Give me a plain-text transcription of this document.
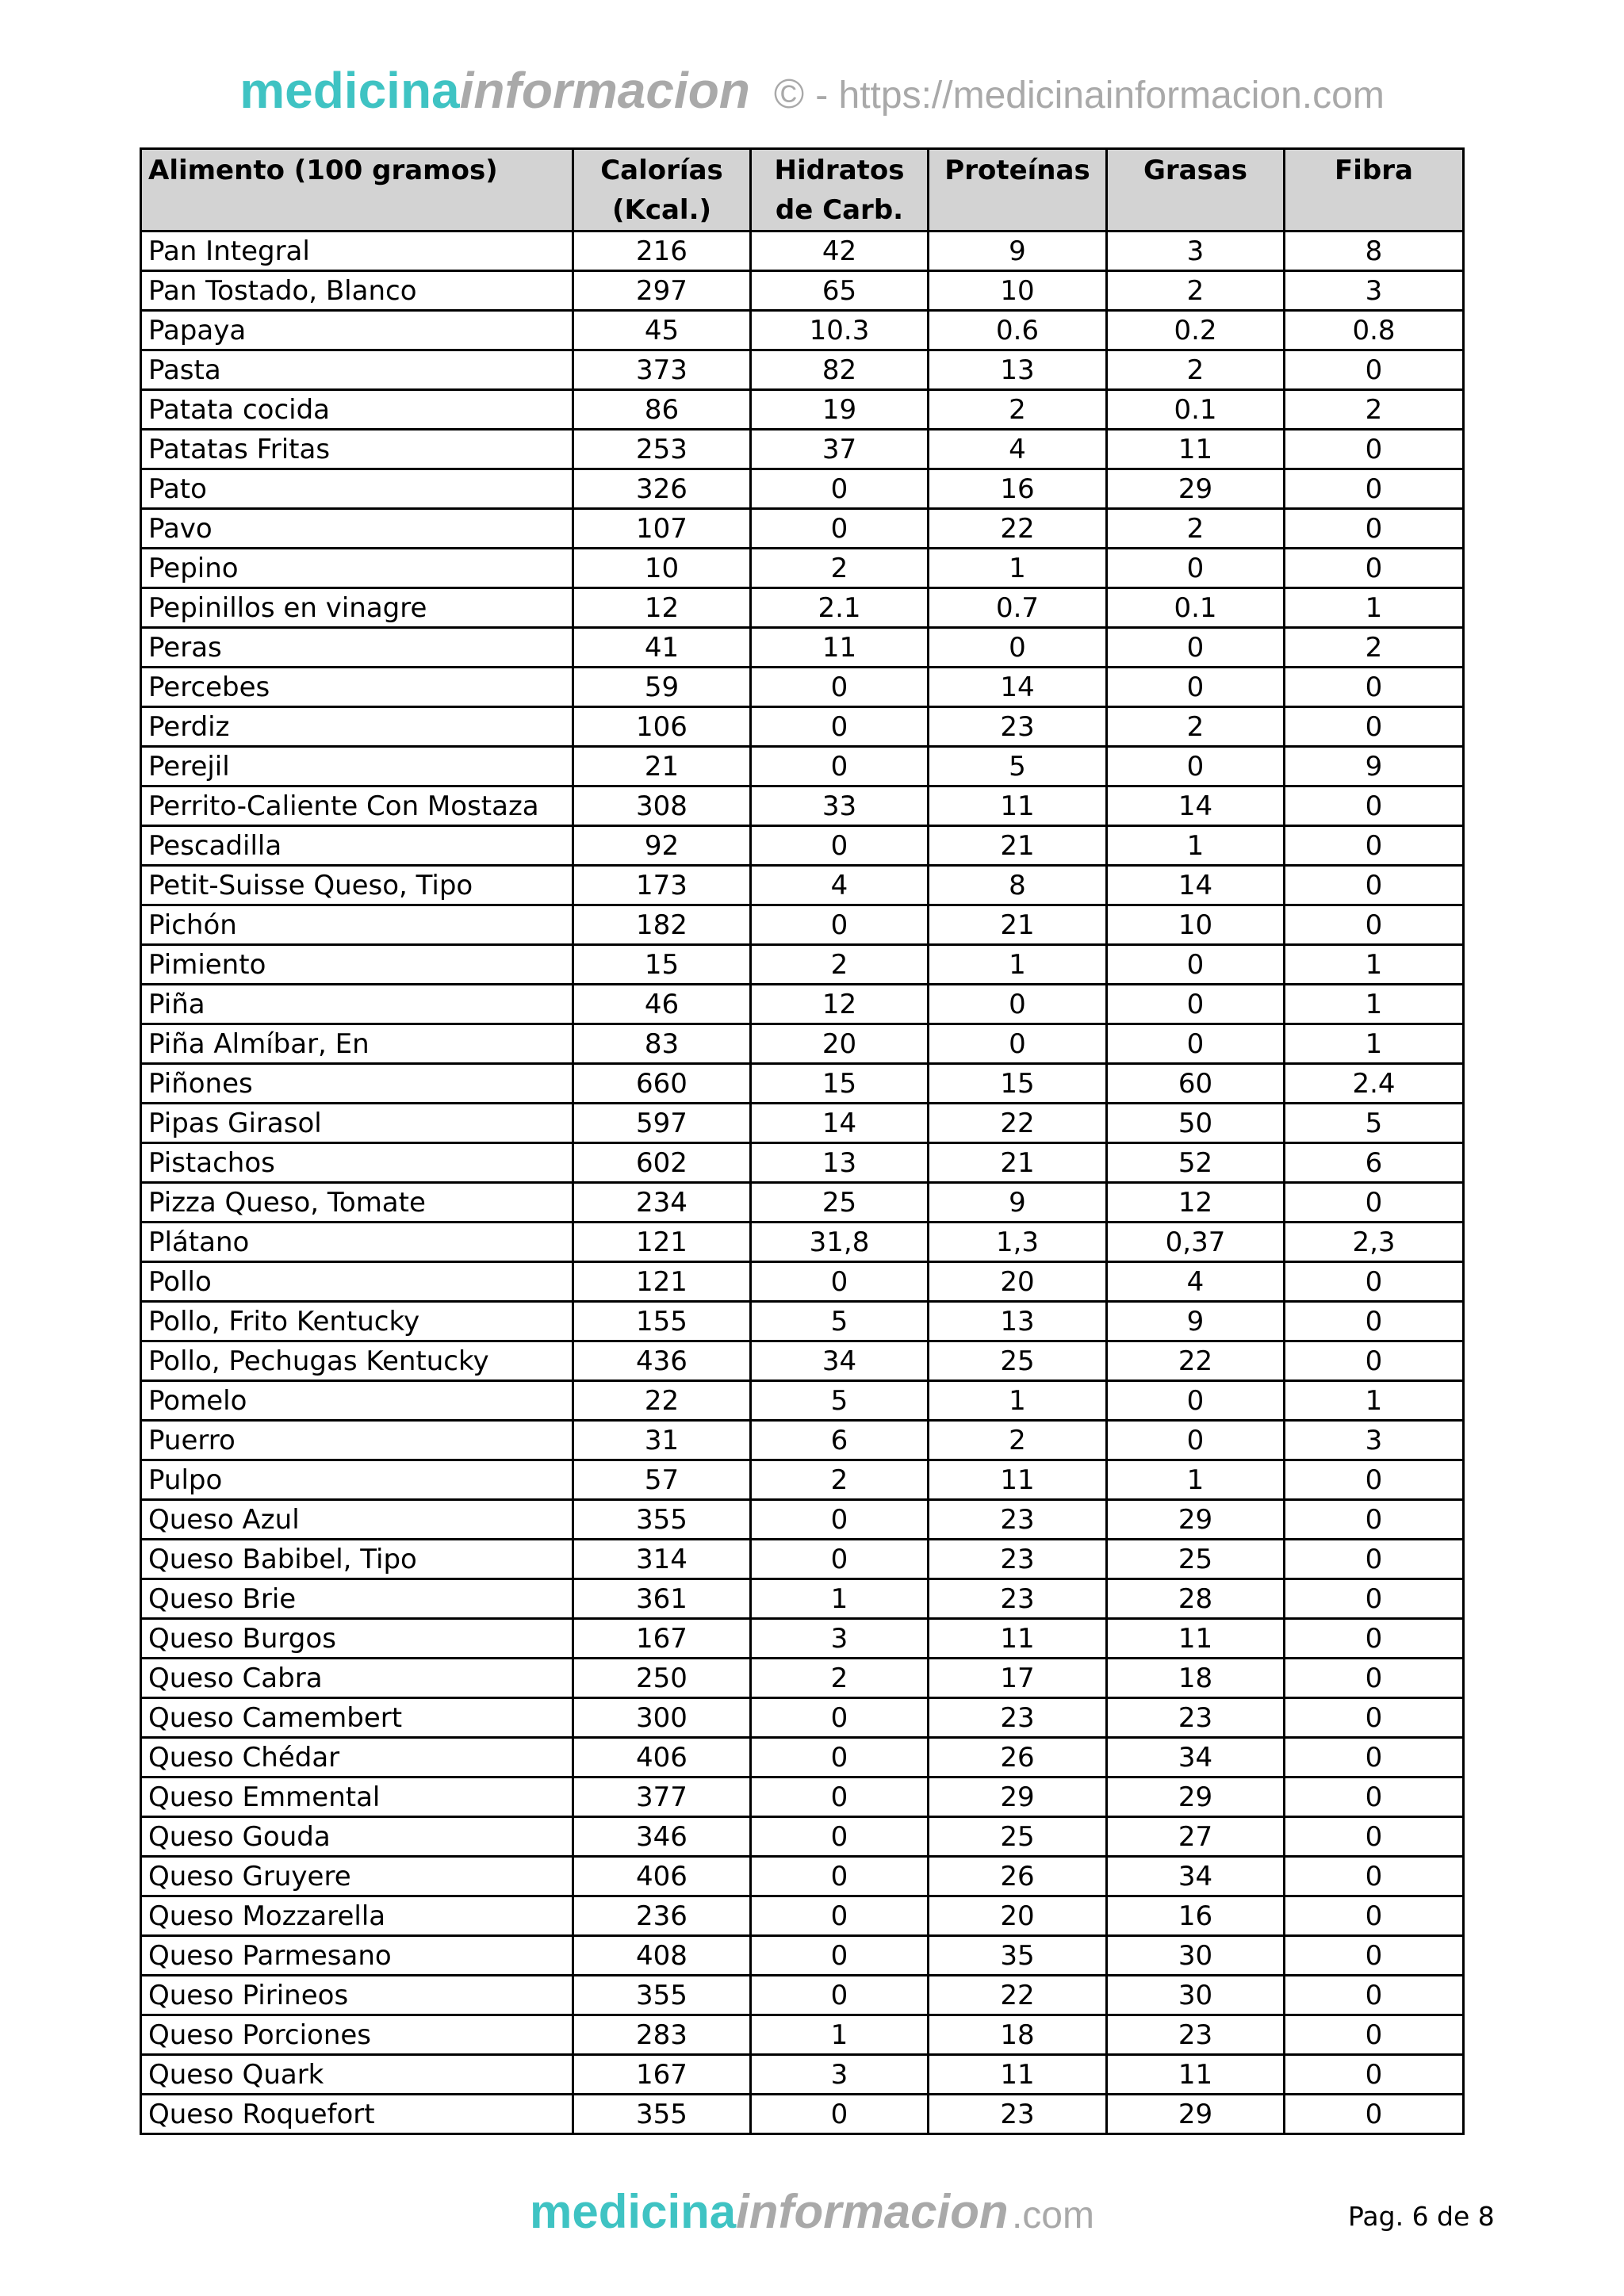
medicinainformacion © - https://medicinainformacion.com
Alimento (100 gramos)	Calorías (Kcal.)	Hidratos de Carb.	Proteínas	Grasas	Fibra
Pan Integral	216	42	9	3	8
Pan Tostado, Blanco	297	65	10	2	3
Papaya	45	10.3	0.6	0.2	0.8
Pasta	373	82	13	2	0
Patata cocida	86	19	2	0.1	2
Patatas Fritas	253	37	4	11	0
Pato	326	0	16	29	0
Pavo	107	0	22	2	0
Pepino	10	2	1	0	0
Pepinillos en vinagre	12	2.1	0.7	0.1	1
Peras	41	11	0	0	2
Percebes	59	0	14	0	0
Perdiz	106	0	23	2	0
Perejil	21	0	5	0	9
Perrito-Caliente Con Mostaza	308	33	11	14	0
Pescadilla	92	0	21	1	0
Petit-Suisse Queso, Tipo	173	4	8	14	0
Pichón	182	0	21	10	0
Pimiento	15	2	1	0	1
Piña	46	12	0	0	1
Piña Almíbar, En	83	20	0	0	1
Piñones	660	15	15	60	2.4
Pipas Girasol	597	14	22	50	5
Pistachos	602	13	21	52	6
Pizza Queso, Tomate	234	25	9	12	0
Plátano	121	31,8	1,3	0,37	2,3
Pollo	121	0	20	4	0
Pollo, Frito Kentucky	155	5	13	9	0
Pollo, Pechugas Kentucky	436	34	25	22	0
Pomelo	22	5	1	0	1
Puerro	31	6	2	0	3
Pulpo	57	2	11	1	0
Queso Azul	355	0	23	29	0
Queso Babibel, Tipo	314	0	23	25	0
Queso Brie	361	1	23	28	0
Queso Burgos	167	3	11	11	0
Queso Cabra	250	2	17	18	0
Queso Camembert	300	0	23	23	0
Queso Chédar	406	0	26	34	0
Queso Emmental	377	0	29	29	0
Queso Gouda	346	0	25	27	0
Queso Gruyere	406	0	26	34	0
Queso Mozzarella	236	0	20	16	0
Queso Parmesano	408	0	35	30	0
Queso Pirineos	355	0	22	30	0
Queso Porciones	283	1	18	23	0
Queso Quark	167	3	11	11	0
Queso Roquefort	355	0	23	29	0
medicinainformacion .com	Pag. 6 de 8
